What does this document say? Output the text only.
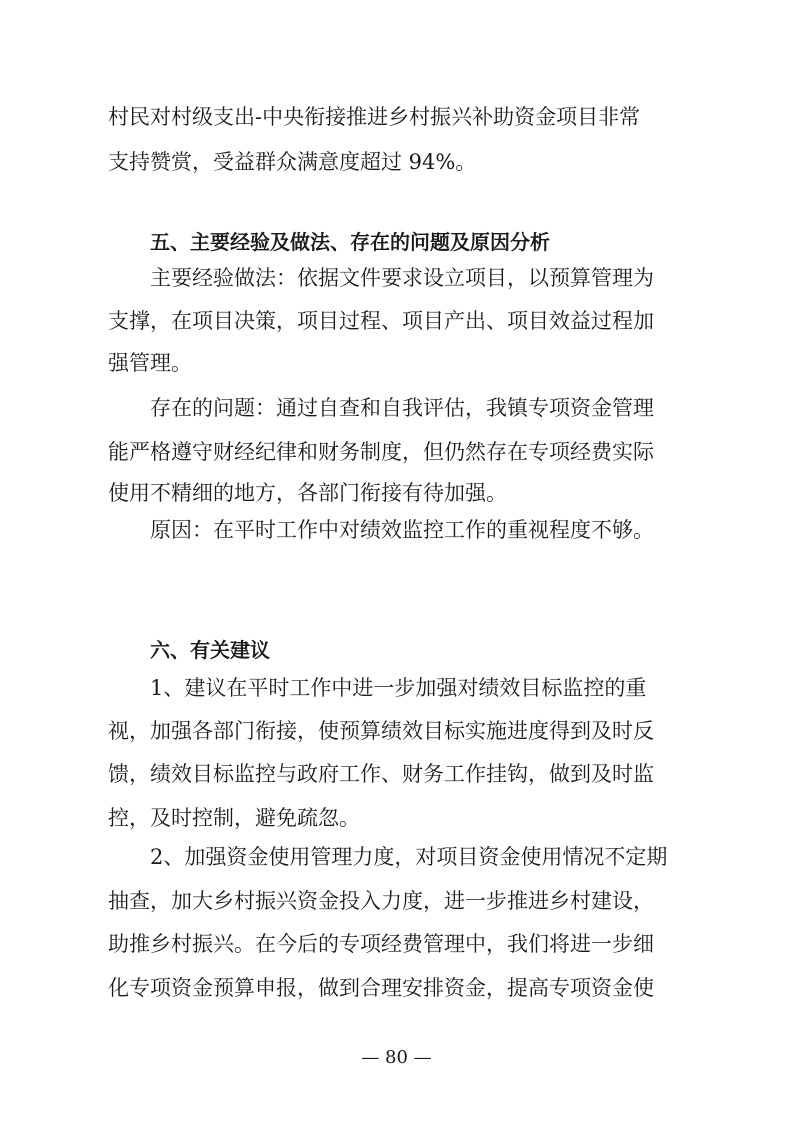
村民对村级支出-中央衔接推进乡村振兴补助资金项目非常
支持赞赏，受益群众满意度超过 94%。
五、主要经验及做法、存在的问题及原因分析
主要经验做法：依据文件要求设立项目，以预算管理为
支撑，在项目决策，项目过程、项目产出、项目效益过程加
强管理。
存在的问题：通过自查和自我评估，我镇专项资金管理
能严格遵守财经纪律和财务制度，但仍然存在专项经费实际
使用不精细的地方，各部门衔接有待加强。
原因：在平时工作中对绩效监控工作的重视程度不够。
六、有关建议
1、建议在平时工作中进一步加强对绩效目标监控的重
视，加强各部门衔接，使预算绩效目标实施进度得到及时反
馈，绩效目标监控与政府工作、财务工作挂钩，做到及时监
控，及时控制，避免疏忽。
2、加强资金使用管理力度，对项目资金使用情况不定期
抽查，加大乡村振兴资金投入力度，进一步推进乡村建设，
助推乡村振兴。在今后的专项经费管理中，我们将进一步细
化专项资金预算申报，做到合理安排资金，提高专项资金使
— 80 —
